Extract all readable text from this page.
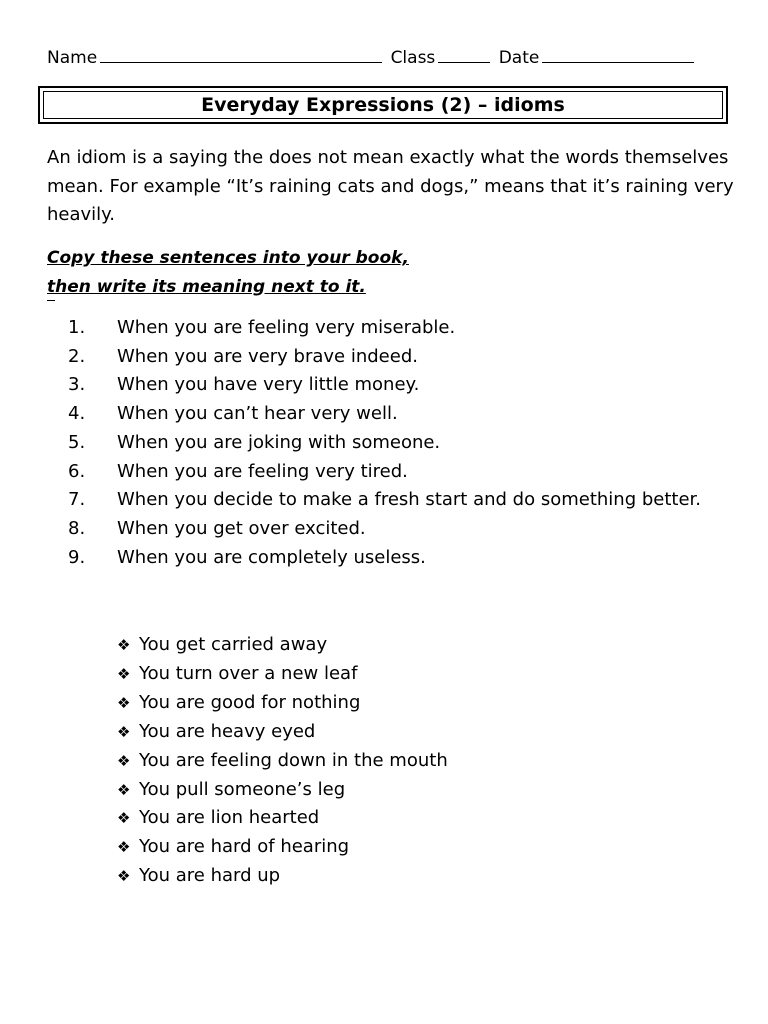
Name	Class	Date
Everyday Expressions (2) – idioms
An idiom is a saying the does not mean exactly what the words themselves mean. For example “It’s raining cats and dogs,” means that it’s raining very heavily.
Copy these sentences into your book,
then write its meaning next to it.
1.	When you are feeling very miserable.
2.	When you are very brave indeed.
3.	When you have very little money.
4.	When you can’t hear very well.
5.	When you are joking with someone.
6.	When you are feeling very tired.
7.	When you decide to make a fresh start and do something better.
8.	When you get over excited.
9.	When you are completely useless.
❖ You get carried away
❖ You turn over a new leaf
❖ You are good for nothing
❖ You are heavy eyed
❖ You are feeling down in the mouth
❖ You pull someone’s leg
❖ You are lion hearted
❖ You are hard of hearing
❖ You are hard up
